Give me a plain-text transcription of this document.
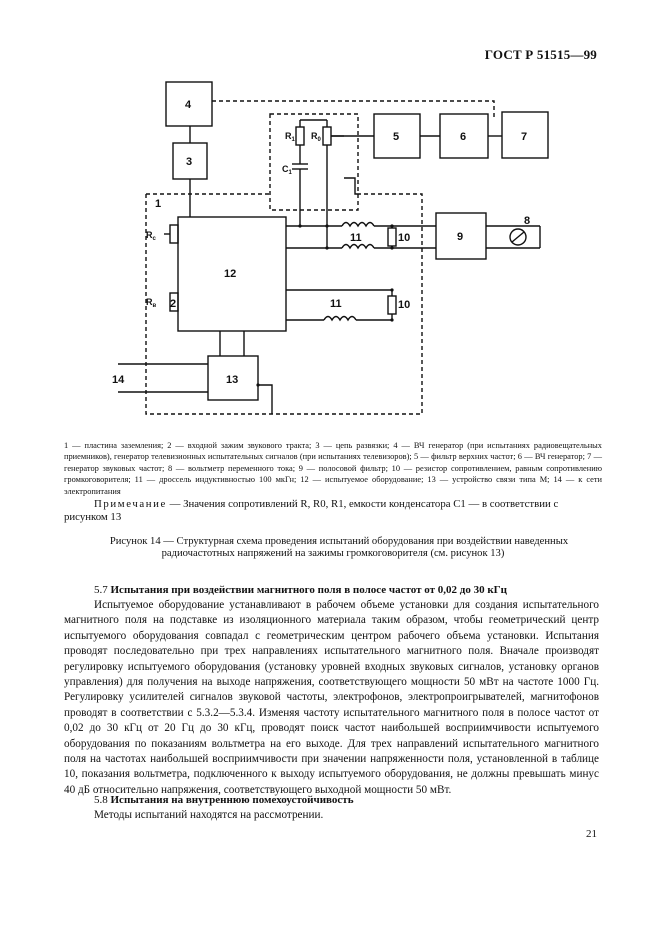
ГОСТ Р 51515—99
4
3
1
5	6	7
8
9
10
10
11
11
12
13
14
2
$R_1$ $R_0$
$C_1$
$R_c$
$R_в$
1 — пластина заземления; 2 — входной зажим звукового тракта; 3 — цепь развязки; 4 — ВЧ генератор (при испытаниях радиовещательных приемников), генератор телевизионных испытательных сигналов (при испытаниях телевизоров); 5 — фильтр верхних частот; 6 — ВЧ генератор; 7 — генератор звуковых частот; 8 — вольтметр переменного тока; 9 — полосовой фильтр; 10 — резистор сопротивлением, равным сопротивлению громкоговорителя; 11 — дроссель индуктивностью 100 мкГн; 12 — испытуемое оборудование; 13 — устройство связи типа М; 14 — к сети электропитания
Примечание — Значения сопротивлений R, R0, R1, емкости конденсатора C1 — в соответствии с
рисунком 13
Рисунок 14 — Структурная схема проведения испытаний оборудования при воздействии наведенных
радиочастотных напряжений на зажимы громкоговорителя (см. рисунок 13)
5.7 Испытания при воздействии магнитного поля в полосе частот от 0,02 до 30 кГц
Испытуемое оборудование устанавливают в рабочем объеме установки для создания испытательного магнитного поля на подставке из изоляционного материала таким образом, чтобы геометрический центр испытуемого оборудования совпадал с геометрическим центром рабочего объема установки. Испытания проводят последовательно при трех направлениях испытательного магнитного поля. Вначале производят регулировку испытуемого оборудования (установку уровней входных звуковых сигналов, установку органов управления) для получения на выходе напряжения, соответствующего мощности 50 мВт на частоте 1000 Гц. Регулировку усилителей сигналов звуковой частоты, электрофонов, электропроигрывателей, магнитофонов проводят в соответствии с 5.3.2—5.3.4. Изменяя частоту испытательного магнитного поля в полосе частот от 0,02 до 30 кГц от 20 Гц до 30 кГц, проводят поиск частот наибольшей восприимчивости испытуемого оборудования по показаниям вольтметра на его выходе. Для трех направлений испытательного магнитного поля на частотах наибольшей восприимчивости при значении напряженности поля, установленной в таблице 10, показания вольтметра, подключенного к выходу испытуемого оборудования, не должны превышать минус 40 дБ относительно напряжения, соответствующего выходной мощности 50 мВт.
5.8 Испытания на внутреннюю помехоустойчивость
Методы испытаний находятся на рассмотрении.
21
